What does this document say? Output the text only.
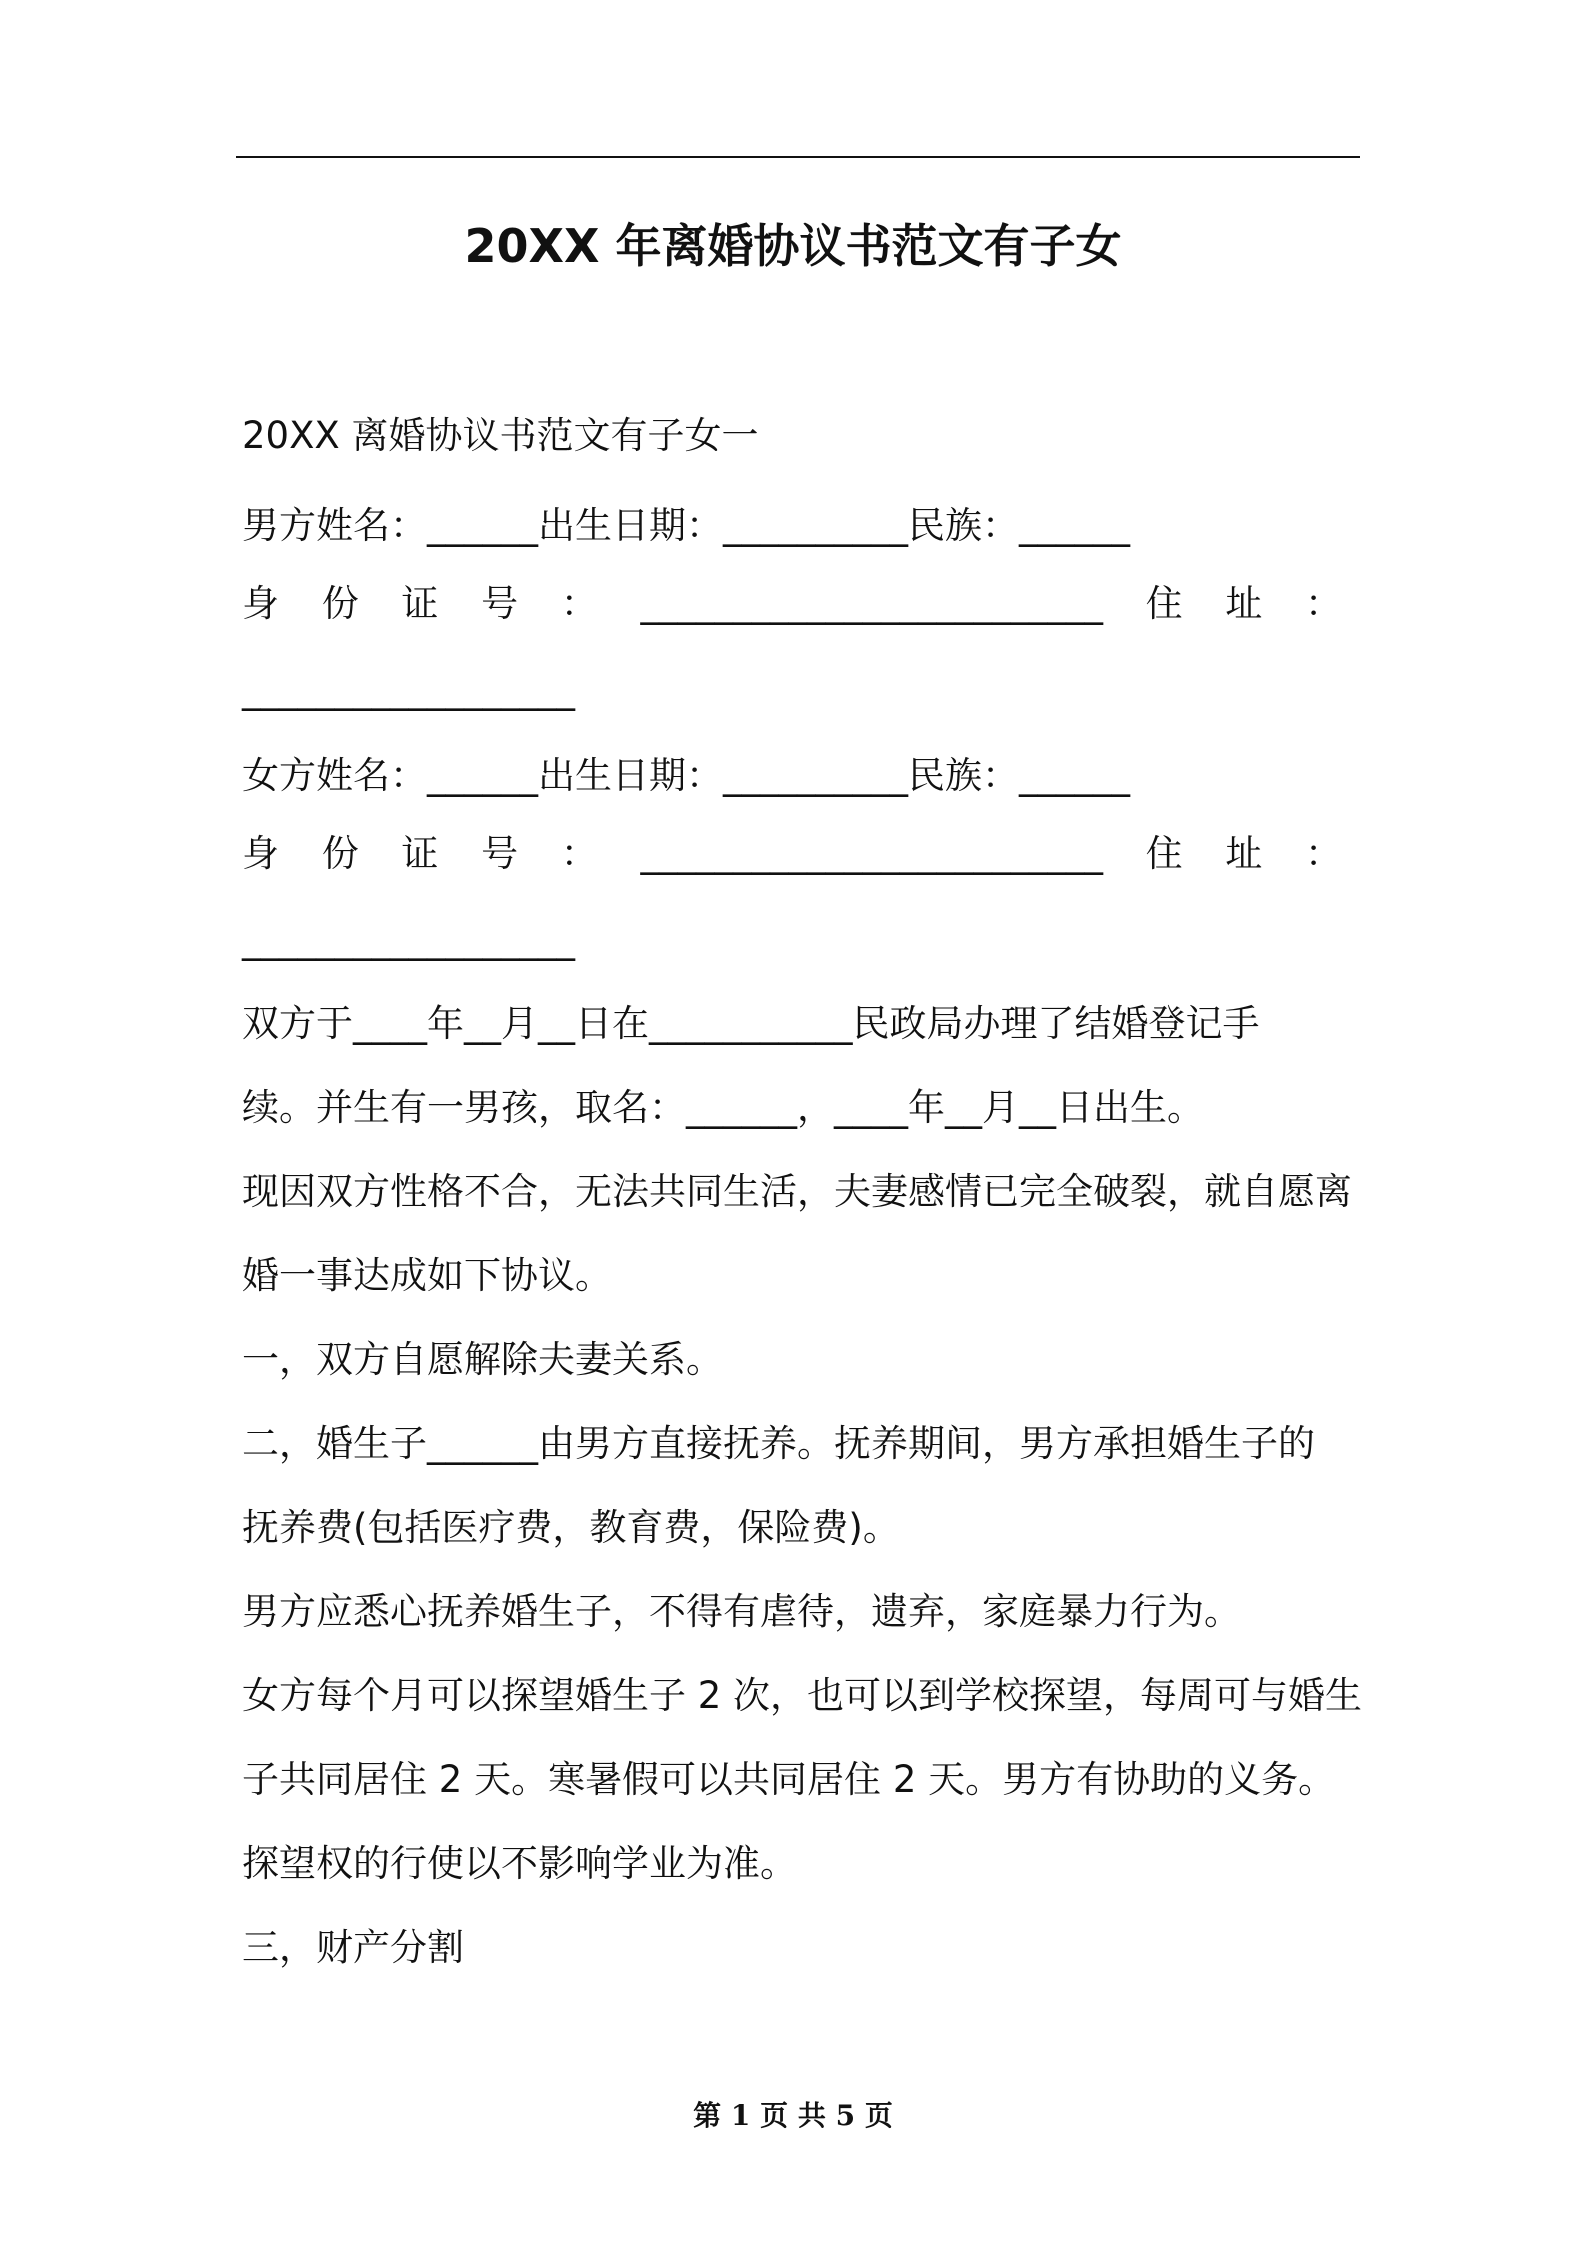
20XX 年离婚协议书范文有子女

20XX 离婚协议书范文有子女一

男方姓名：______出生日期：__________民族：______

身 份 证 号 ： _________________________ 住 址 ：

__________________

女方姓名：______出生日期：__________民族：______

身 份 证 号 ： _________________________ 住 址 ：

__________________

双方于____年__月__日在___________民政局办理了结婚登记手

续。并生有一男孩，取名：______，____年__月__日出生。

现因双方性格不合，无法共同生活，夫妻感情已完全破裂，就自愿离

婚一事达成如下协议。

一，双方自愿解除夫妻关系。

二，婚生子______由男方直接抚养。抚养期间，男方承担婚生子的

抚养费(包括医疗费，教育费，保险费)。

男方应悉心抚养婚生子，不得有虐待，遗弃，家庭暴力行为。

女方每个月可以探望婚生子 2 次，也可以到学校探望，每周可与婚生

子共同居住 2 天。寒暑假可以共同居住 2 天。男方有协助的义务。

探望权的行使以不影响学业为准。

三，财产分割

第 1 页 共 5 页
